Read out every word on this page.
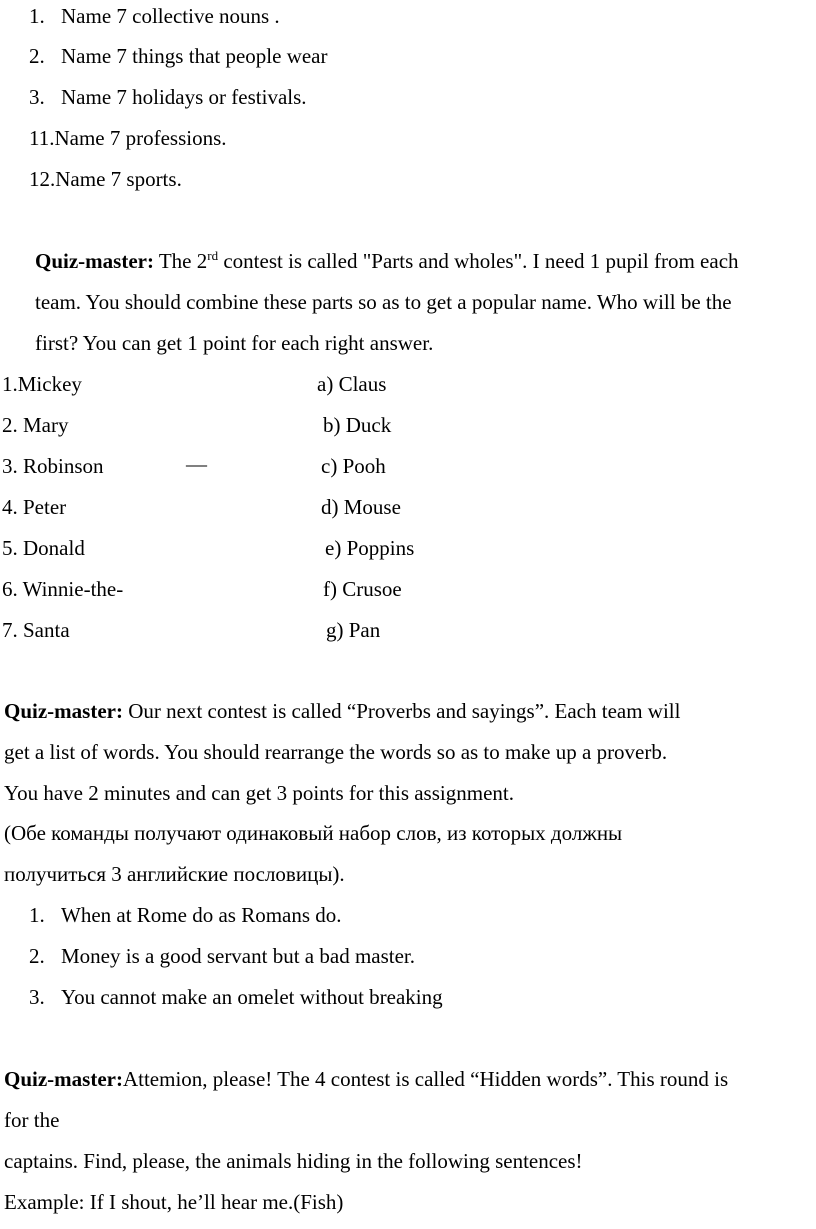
1. Name 7 collective nouns .
2. Name 7 things that people wear
3. Name 7 holidays or festivals.
11.Name 7 professions.
12.Name 7 sports.
Quiz-master: The 2rd contest is called "Parts and wholes". I need 1 pupil from each
team. You should combine these parts so as to get a popular name. Who will be the
first? You can get 1 point for each right answer.
1.Mickey
2. Mary
3. Robinson
4. Peter
5. Donald
6. Winnie-the-
7. Santa
—
a) Claus
b) Duck
c) Pooh
d) Mouse
e) Poppins
f) Crusoe
g) Pan
Quiz-master: Our next contest is called “Proverbs and sayings”. Each team will
get a list of words. You should rearrange the words so as to make up a proverb.
You have 2 minutes and can get 3 points for this assignment.
(Обе команды получают одинаковый набор слов, из которых должны
получиться 3 английские пословицы).
1. When at Rome do as Romans do.
2. Money is a good servant but a bad master.
3. You cannot make an omelet without breaking
Quiz-master:Attemion, please! The 4 contest is called “Hidden words”. This round is
for the
captains. Find, please, the animals hiding in the following sentences!
Example: If I shout, he’ll hear me.(Fish)
